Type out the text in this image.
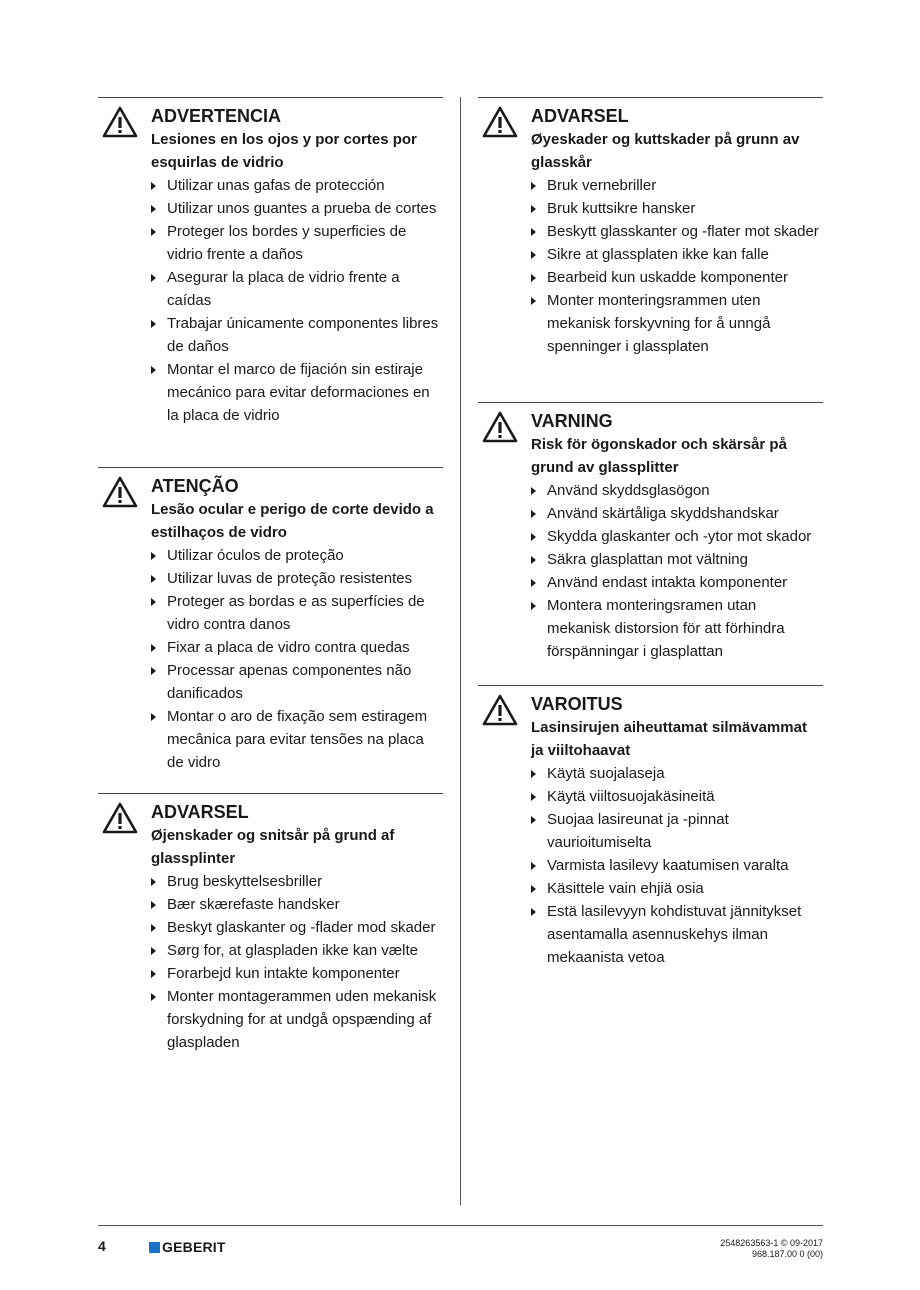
ADVERTENCIA
Lesiones en los ojos y por cortes por esquirlas de vidrio
Utilizar unas gafas de protección
Utilizar unos guantes a prueba de cortes
Proteger los bordes y superficies de vidrio frente a daños
Asegurar la placa de vidrio frente a caídas
Trabajar únicamente componentes libres de daños
Montar el marco de fijación sin estiraje mecánico para evitar deformaciones en la placa de vidrio
ATENÇÃO
Lesão ocular e perigo de corte devido a estilhaços de vidro
Utilizar óculos de proteção
Utilizar luvas de proteção resistentes
Proteger as bordas e as superfícies de vidro contra danos
Fixar a placa de vidro contra quedas
Processar apenas componentes não danificados
Montar o aro de fixação sem estiragem mecânica para evitar tensões na placa de vidro
ADVARSEL
Øjenskader og snitsår på grund af glassplinter
Brug beskyttelsesbriller
Bær skærefaste handsker
Beskyt glaskanter og -flader mod skader
Sørg for, at glaspladen ikke kan vælte
Forarbejd kun intakte komponenter
Monter montagerammen uden mekanisk forskydning for at undgå opspænding af glaspladen
ADVARSEL
Øyeskader og kuttskader på grunn av glasskår
Bruk vernebriller
Bruk kuttsikre hansker
Beskytt glasskanter og -flater mot skader
Sikre at glassplaten ikke kan falle
Bearbeid kun uskadde komponenter
Monter monteringsrammen uten mekanisk forskyvning for å unngå spenninger i glassplaten
VARNING
Risk för ögonskador och skärsår på grund av glassplitter
Använd skyddsglasögon
Använd skärtåliga skyddshandskar
Skydda glaskanter och -ytor mot skador
Säkra glasplattan mot vältning
Använd endast intakta komponenter
Montera monteringsramen utan mekanisk distorsion för att förhindra förspänningar i glasplattan
VAROITUS
Lasinsirujen aiheuttamat silmävammat ja viiltohaavat
Käytä suojalaseja
Käytä viiltosuojakäsineitä
Suojaa lasireunat ja -pinnat vaurioitumiselta
Varmista lasilevy kaatumisen varalta
Käsittele vain ehjiä osia
Estä lasilevyyn kohdistuvat jännitykset asentamalla asennuskehys ilman mekaanista vetoa
4	GEBERIT	2548263563-1 © 09-2017
968.187.00 0 (00)
